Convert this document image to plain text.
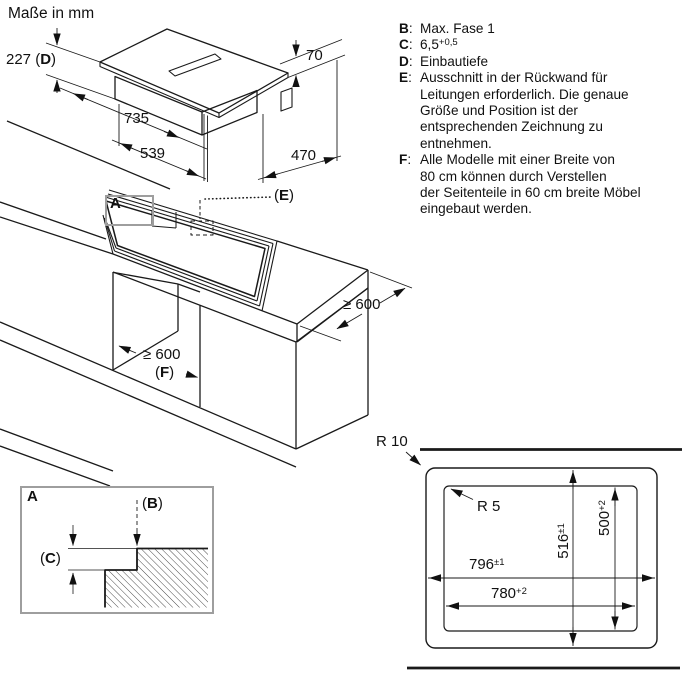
Maße in mm
B: Max. Fase 1
C: $6,5^{+0,5}$
D: Einbautiefe
E: Ausschnitt in der Rückwand für
Leitungen erforderlich. Die genaue
Größe und Position ist der
entsprechenden Zeichnung zu
entnehmen.
F: Alle Modelle mit einer Breite von
80 cm können durch Verstellen
der Seitenteile in 60 cm breite Möbel
eingebaut werden.
227 (D)	70
735
539	470
A	(E)
≥ 600
≥ 600
(F)
A	(B)
(C)
R 10
R 5
$796^{\pm 1}$
$780^{+2}$
$516^{\pm 1}$	$500^{+2}$
